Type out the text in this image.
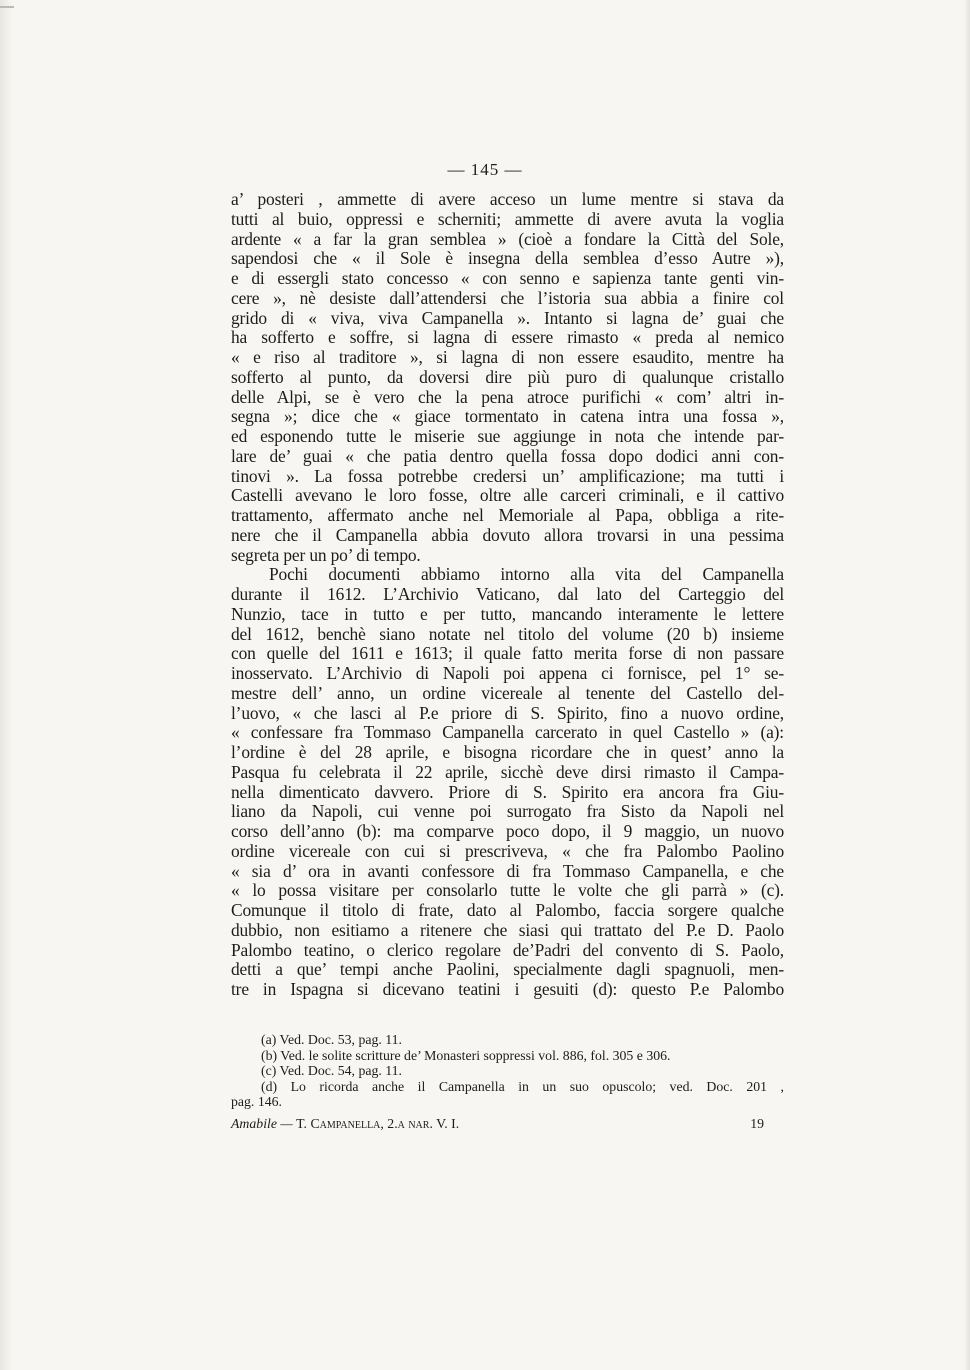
— 145 —
a’ posteri , ammette di avere acceso un lume mentre si stava da
tutti al buio, oppressi e scherniti; ammette di avere avuta la voglia
ardente « a far la gran semblea » (cioè a fondare la Città del Sole,
sapendosi che « il Sole è insegna della semblea d’esso Autre »),
e di essergli stato concesso « con senno e sapienza tante genti vin-
cere », nè desiste dall’attendersi che l’istoria sua abbia a finire col
grido di « viva, viva Campanella ». Intanto si lagna de’ guai che
ha sofferto e soffre, si lagna di essere rimasto « preda al nemico
« e riso al traditore », si lagna di non essere esaudito, mentre ha
sofferto al punto, da doversi dire più puro di qualunque cristallo
delle Alpi, se è vero che la pena atroce purifichi « com’ altri in-
segna »; dice che « giace tormentato in catena intra una fossa »,
ed esponendo tutte le miserie sue aggiunge in nota che intende par-
lare de’ guai « che patia dentro quella fossa dopo dodici anni con-
tinovi ». La fossa potrebbe credersi un’ amplificazione; ma tutti i
Castelli avevano le loro fosse, oltre alle carceri criminali, e il cattivo
trattamento, affermato anche nel Memoriale al Papa, obbliga a rite-
nere che il Campanella abbia dovuto allora trovarsi in una pessima
segreta per un po’ di tempo.
Pochi documenti abbiamo intorno alla vita del Campanella
durante il 1612. L’Archivio Vaticano, dal lato del Carteggio del
Nunzio, tace in tutto e per tutto, mancando interamente le lettere
del 1612, benchè siano notate nel titolo del volume (20 b) insieme
con quelle del 1611 e 1613; il quale fatto merita forse di non passare
inosservato. L’Archivio di Napoli poi appena ci fornisce, pel 1° se-
mestre dell’ anno, un ordine vicereale al tenente del Castello del-
l’uovo, « che lasci al P.e priore di S. Spirito, fino a nuovo ordine,
« confessare fra Tommaso Campanella carcerato in quel Castello » (a):
l’ordine è del 28 aprile, e bisogna ricordare che in quest’ anno la
Pasqua fu celebrata il 22 aprile, sicchè deve dirsi rimasto il Campa-
nella dimenticato davvero. Priore di S. Spirito era ancora fra Giu-
liano da Napoli, cui venne poi surrogato fra Sisto da Napoli nel
corso dell’anno (b): ma comparve poco dopo, il 9 maggio, un nuovo
ordine vicereale con cui si prescriveva, « che fra Palombo Paolino
« sia d’ ora in avanti confessore di fra Tommaso Campanella, e che
« lo possa visitare per consolarlo tutte le volte che gli parrà » (c).
Comunque il titolo di frate, dato al Palombo, faccia sorgere qualche
dubbio, non esitiamo a ritenere che siasi qui trattato del P.e D. Paolo
Palombo teatino, o clerico regolare de’Padri del convento di S. Paolo,
detti a que’ tempi anche Paolini, specialmente dagli spagnuoli, men-
tre in Ispagna si dicevano teatini i gesuiti (d): questo P.e Palombo
(a) Ved. Doc. 53, pag. 11.
(b) Ved. le solite scritture de’ Monasteri soppressi vol. 886, fol. 305 e 306.
(c) Ved. Doc. 54, pag. 11.
(d) Lo ricorda anche il Campanella in un suo opuscolo; ved. Doc. 201 ,
pag. 146.
Amabile — T. Campanella, 2.a nar. V. I.	19
